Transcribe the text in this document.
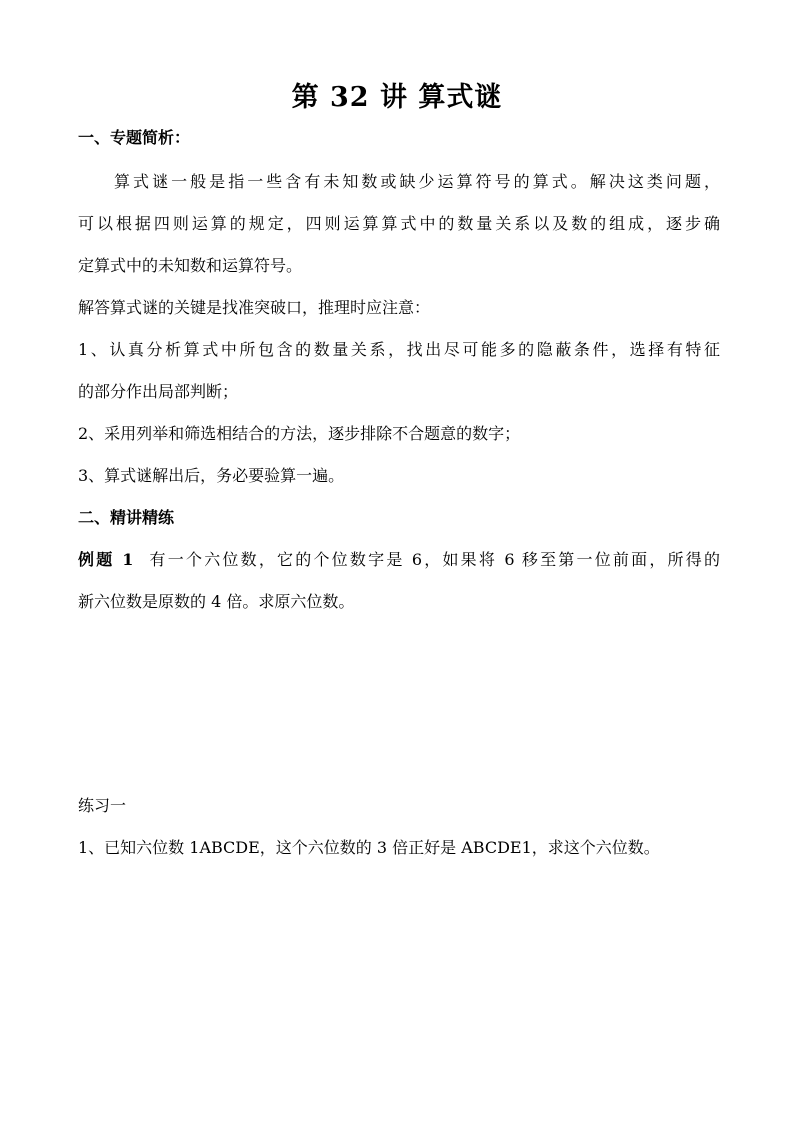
第 32 讲 算式谜
一、专题简析：
算式谜一般是指一些含有未知数或缺少运算符号的算式。解决这类问题，
可以根据四则运算的规定，四则运算算式中的数量关系以及数的组成，逐步确
定算式中的未知数和运算符号。
解答算式谜的关键是找准突破口，推理时应注意：
1、认真分析算式中所包含的数量关系，找出尽可能多的隐蔽条件，选择有特征
的部分作出局部判断；
2、采用列举和筛选相结合的方法，逐步排除不合题意的数字；
3、算式谜解出后，务必要验算一遍。
二、精讲精练
例题 1 有一个六位数，它的个位数字是 6，如果将 6 移至第一位前面，所得的
新六位数是原数的 4 倍。求原六位数。
练习一
1、已知六位数 1ABCDE，这个六位数的 3 倍正好是 ABCDE1，求这个六位数。
